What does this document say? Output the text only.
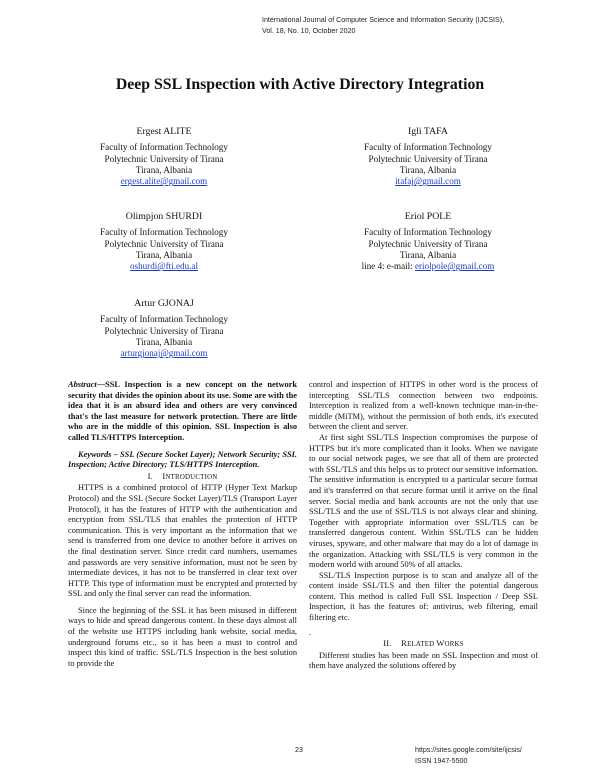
International Journal of Computer Science and Information Security (IJCSIS),
Vol. 18, No. 10, October 2020
Deep SSL Inspection with Active Directory Integration
Ergest ALITE
Faculty of Information Technology
Polytechnic University of Tirana
Tirana, Albania
ergest.alite@gmail.com
Igli TAFA
Faculty of Information Technology
Polytechnic University of Tirana
Tirana, Albania
itafaj@gmail.com
Olimpjon SHURDI
Faculty of Information Technology
Polytechnic University of Tirana
Tirana, Albania
oshurdi@fti.edu.al
Eriol POLE
Faculty of Information Technology
Polytechnic University of Tirana
Tirana, Albania
line 4: e-mail: eriolpole@gmail.com
Artur GJONAJ
Faculty of Information Technology
Polytechnic University of Tirana
Tirana, Albania
arturgjonaj@gmail.com

Abstract—SSL Inspection is a new concept on the network security that divides the opinion about its use. Some are with the idea that it is an absurd idea and others are very convinced that's the last measure for network protection. There are little who are in the middle of this opinion. SSL Inspection is also called TLS/HTTPS Interception.

Keywords – SSL (Secure Socket Layer); Network Security; SSI. Inspection; Active Directory; TLS/HTTPS Interception.

I. INTRODUCTION

HTTPS is a combined protocol of HTTP (Hyper Text Markup Protocol) and the SSL (Secure Socket Layer)/TLS (Transport Layer Protocol), it has the features of HTTP with the authentication and encryption from SSL/TLS that enables the protection of HTTP communication. This is very important as the information that we send is transferred from one device to another before it arrives on the final destination server. Since credit card numbers, usernames and passwords are very sensitive information, must not be seen by intermediate devices, it has not to be transferred in clear text over HTTP. This type of information must be encrypted and protected by SSL and only the final server can read the information.

Since the beginning of the SSL it has been misused in different ways to hide and spread dangerous content. In these days almost all of the website use HTTPS including bank website, social media, underground forums etc., so it has been a must to control and inspect this kind of traffic. SSL/TLS Inspection is the best solution to provide the

control and inspection of HTTPS in other word is the process of intercepting SSL/TLS connection between two endpoints. Interception is realized from a well-known technique man-in-the- middle (MiTM), without the permission of both ends, it's executed between the client and server.

At first sight SSL/TLS Inspection compromises the purpose of HTTPS but it's more complicated than it looks. When we navigate to our social network pages, we see that all of them are protected with SSL/TLS and this helps us to protect our sensitive information. The sensitive information is encrypted to a particular secure format and it's transferred on that secure format until it arrive on the final server. Social media and bank accounts are not the only that use SSL/TLS and the use of SSL/TLS is not always clear and shining. Together with appropriate information over SSL/TLS can be transferred dangerous content. Within SSL/TLS can be hidden viruses, spyware, and other malware that may do a lot of damage in the organization. Attacking with SSL/TLS is very common in the modern world with around 50% of all attacks.

SSL/TLS Inspection purpose is to scan and analyze all of the content inside SSL/TLS and then filter the potential dangerous content. This method is called Full SSL Inspection / Deep SSL Inspection, it has the features of: antivirus, web filtering, email filtering etc.

.

II. RELATED WORKS

Different studies has been made on SSL Inspection and most of them have analyzed the solutions offered by

23	https://sites.google.com/site/ijcsis/
ISSN 1947-5500
